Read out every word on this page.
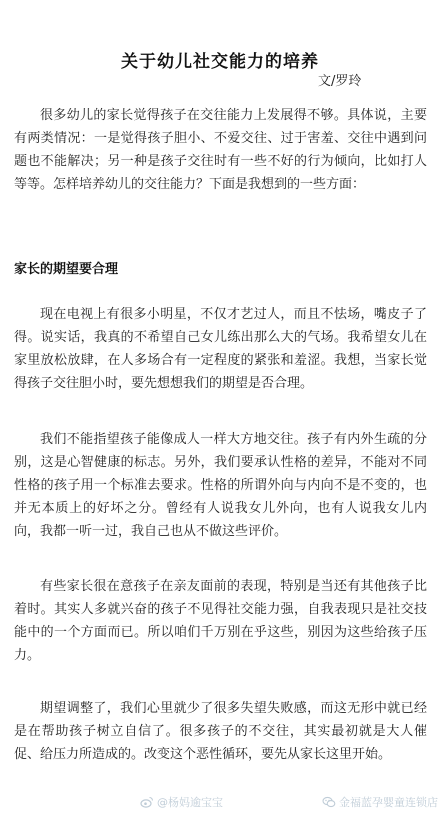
关于幼儿社交能力的培养
文/罗玲

很多幼儿的家长觉得孩子在交往能力上发展得不够。具体说，主要有两类情况：一是觉得孩子胆小、不爱交往、过于害羞、交往中遇到问题也不能解决；另一种是孩子交往时有一些不好的行为倾向，比如打人等等。怎样培养幼儿的交往能力？下面是我想到的一些方面：

家长的期望要合理

现在电视上有很多小明星，不仅才艺过人，而且不怯场，嘴皮子了得。说实话，我真的不希望自己女儿练出那么大的气场。我希望女儿在家里放松放肆，在人多场合有一定程度的紧张和羞涩。我想，当家长觉得孩子交往胆小时，要先想想我们的期望是否合理。

我们不能指望孩子能像成人一样大方地交往。孩子有内外生疏的分别，这是心智健康的标志。另外，我们要承认性格的差异，不能对不同性格的孩子用一个标准去要求。性格的所谓外向与内向不是不变的，也并无本质上的好坏之分。曾经有人说我女儿外向，也有人说我女儿内向，我都一听一过，我自己也从不做这些评价。

有些家长很在意孩子在亲友面前的表现，特别是当还有其他孩子比着时。其实人多就兴奋的孩子不见得社交能力强，自我表现只是社交技能中的一个方面而已。所以咱们千万别在乎这些，别因为这些给孩子压力。

期望调整了，我们心里就少了很多失望失败感，而这无形中就已经是在帮助孩子树立自信了。很多孩子的不交往，其实最初就是大人催促、给压力所造成的。改变这个恶性循环，要先从家长这里开始。

@杨妈逾宝宝	金福蓝孕婴童连锁店
